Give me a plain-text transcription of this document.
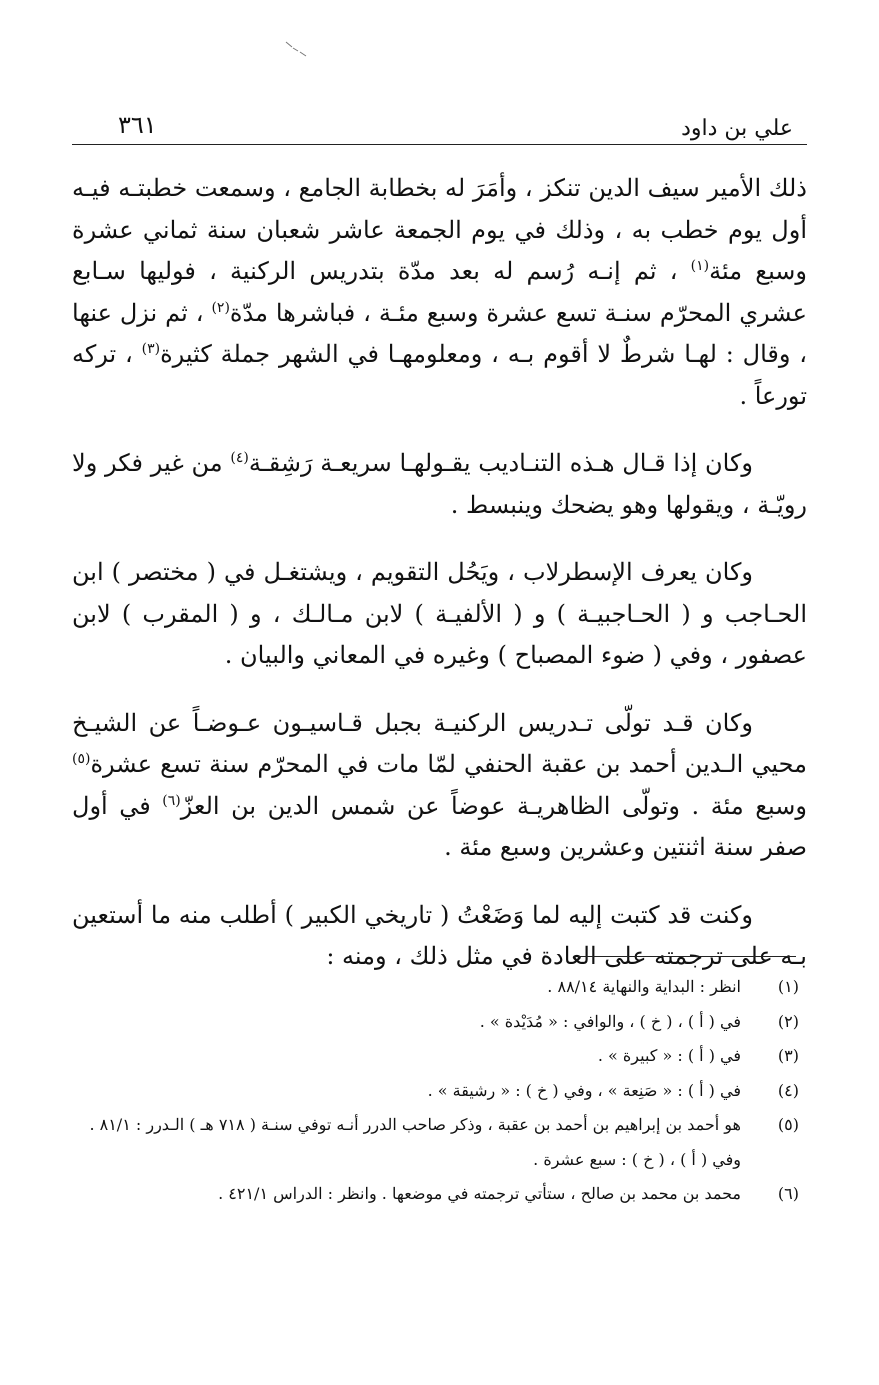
علي بن داود
٣٦١

ذلك الأمير سيف الدين تنكز ، وأمَرَ له بخطابة الجامع ، وسمعت خطبتـه فيـه أول يوم خطب به ، وذلك في يوم الجمعة عاشر شعبان سنة ثماني عشرة وسبع مئة$^{(١)}$ ، ثم إنـه رُسم له بعد مدّة بتدريس الركنية ، فوليها سـابع عشري المحرّم سنـة تسع عشرة وسبع مئـة ، فباشرها مدّة$^{(٢)}$ ، ثم نزل عنها ، وقال : لهـا شرطٌ لا أقوم بـه ، ومعلومهـا في الشهر جملة كثيرة$^{(٣)}$ ، تركه تورعاً .

وكان إذا قـال هـذه التنـاديب يقـولهـا سريعـة رَشِقـة$^{(٤)}$ من غير فكر ولا رويّـة ، ويقولها وهو يضحك وينبسط .

وكان يعرف الإسطرلاب ، ويَحُل التقويم ، ويشتغـل في ( مختصر ) ابن الحـاجب و ( الحـاجبيـة ) و ( الألفيـة ) لابن مـالـك ، و ( المقرب ) لابن عصفور ، وفي ( ضوء المصباح ) وغيره في المعاني والبيان .

وكان قـد تولّى تـدريس الركنيـة بجبل قـاسيـون عـوضـاً عن الشيـخ محيي الـدين أحمد بن عقبة الحنفي لمّا مات في المحرّم سنة تسع عشرة$^{(٥)}$ وسبع مئة . وتولّى الظاهريـة عوضاً عن شمس الدين بن العزّ$^{(٦)}$ في أول صفر سنة اثنتين وعشرين وسبع مئة .

وكنت قد كتبت إليه لما وَضَعْتُ ( تاريخي الكبير ) أطلب منه ما أستعين بـه على ترجمته على العادة في مثل ذلك ، ومنه :

(١)
انظر : البداية والنهاية ٨٨/١٤ .
(٢)
في ( أ ) ، ( خ ) ، والوافي : « مُدَيْدة » .
(٣)
في ( أ ) : « كبيرة » .
(٤)
في ( أ ) : « صَنِعة » ، وفي ( خ ) : « رشيقة » .
(٥)
هو أحمد بن إبراهيم بن أحمد بن عقبة ، وذكر صاحب الدرر أنـه توفي سنـة ( ٧١٨ هـ ) الـدرر : ٨١/١ .
وفي ( أ ) ، ( خ ) : سبع عشرة .
(٦)
محمد بن محمد بن صالح ، ستأتي ترجمته في موضعها . وانظر : الدراس ٤٢١/١ .
